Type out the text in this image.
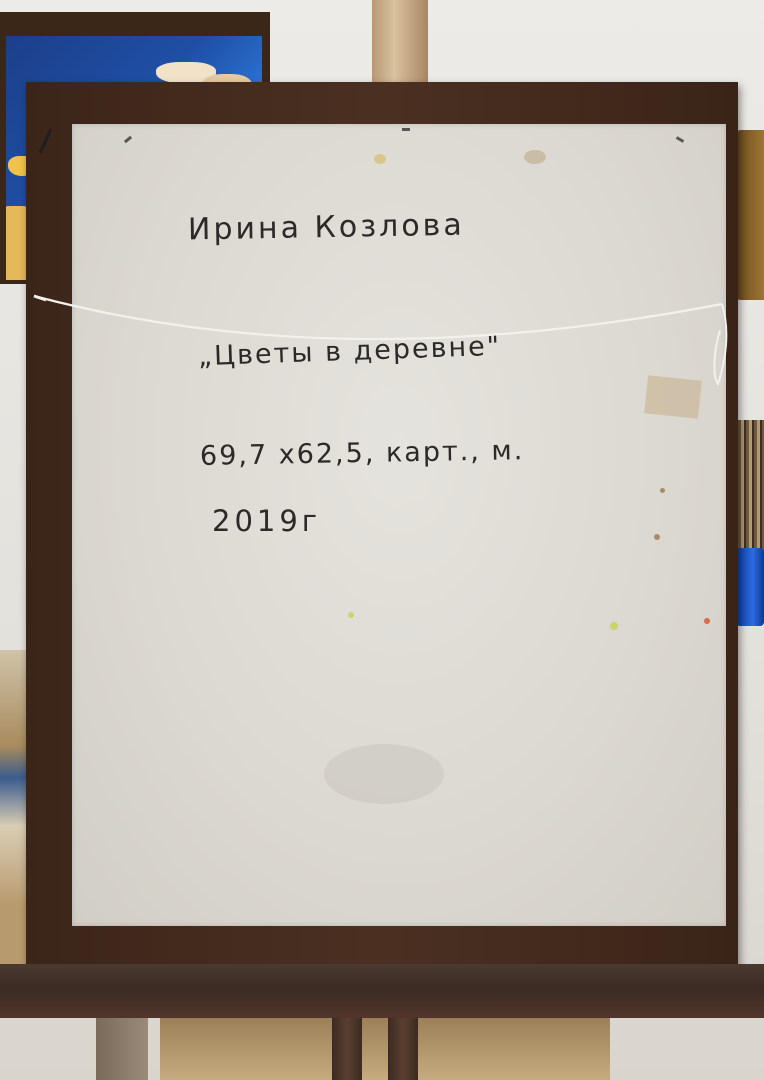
Ирина Козлова
„Цветы в деревне"
69,7 x62,5, карт., м.
2019г
